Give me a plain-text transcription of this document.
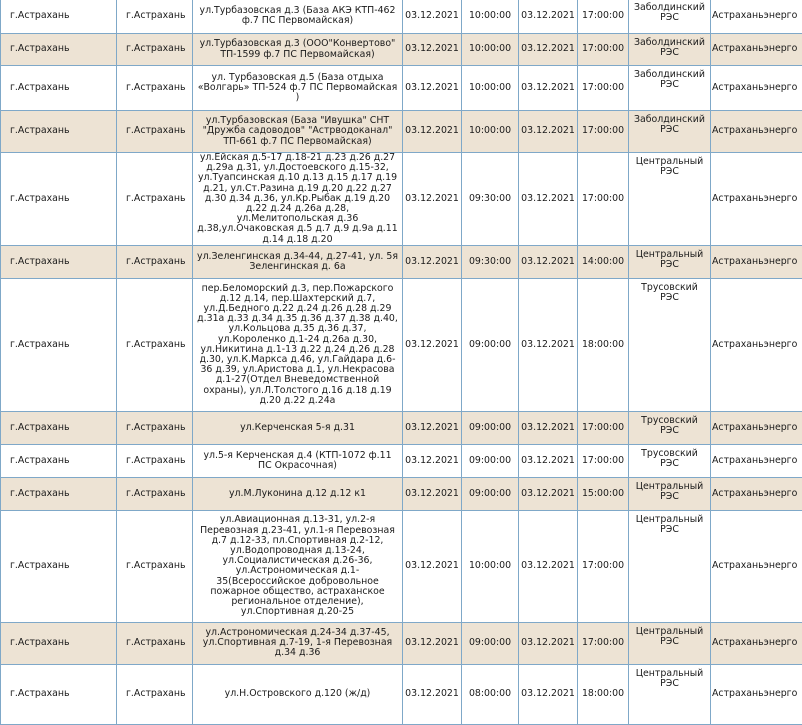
г.Астрахань	г.Астрахань	ул.Турбазовская д.3 (База АКЭ КТП-462 ф.7 ПС Первомайская)	03.12.2021	10:00:00	03.12.2021	17:00:00	Заболдинский РЭС	Астраханьэнерго
г.Астрахань	г.Астрахань	ул.Турбазовская д.3 (ООО"Конвертово" ТП-1599 ф.7 ПС Первомайская)	03.12.2021	10:00:00	03.12.2021	17:00:00	Заболдинский РЭС	Астраханьэнерго
г.Астрахань	г.Астрахань	ул. Турбазовская д.5 (База отдыха «Волгарь» ТП-524 ф.7 ПС Первомайская )	03.12.2021	10:00:00	03.12.2021	17:00:00	Заболдинский РЭС	Астраханьэнерго
г.Астрахань	г.Астрахань	ул.Турбазовская (База "Ивушка" СНТ "Дружба садоводов" "Астрводоканал" ТП-661 ф.7 ПС Первомайская)	03.12.2021	10:00:00	03.12.2021	17:00:00	Заболдинский РЭС	Астраханьэнерго
г.Астрахань	г.Астрахань	ул.Ейская д.5-17 д.18-21 д.23 д.26 д.27 д.29а д.31, ул.Достоевского д.15-32, ул.Туапсинская д.10 д.13 д.15 д.17 д.19 д.21, ул.Ст.Разина д.19 д.20 д.22 д.27 д.30 д.34 д.36, ул.Кр.Рыбак д.19 д.20 д.22 д.24 д.26а д.28, ул.Мелитопольская д.36 д.38,ул.Очаковская д.5 д.7 д.9 д.9а д.11 д.14 д.18 д.20	03.12.2021	09:30:00	03.12.2021	17:00:00	Центральный РЭС	Астраханьэнерго
г.Астрахань	г.Астрахань	ул.Зеленгинская д.34-44, д.27-41, ул. 5я Зеленгинская д. 6а	03.12.2021	09:30:00	03.12.2021	14:00:00	Центральный РЭС	Астраханьэнерго
г.Астрахань	г.Астрахань	пер.Беломорский д.3, пер.Пожарского д.12 д.14, пер.Шахтерский д.7, ул.Д.Бедного д.22 д.24 д.26 д.28 д.29 д.31а д.33 д.34 д.35 д.36 д.37 д.38 д.40, ул.Кольцова д.35 д.36 д.37, ул.Короленко д.1-24 д.26а д.30, ул.Никитина д.1-13 д.22 д.24 д.26 д.28 д.30, ул.К.Маркса д.46, ул.Гайдара д.6-36 д.39, ул.Аристова д.1, ул.Некрасова д.1-27(Отдел Вневедомственной охраны), ул.Л.Толстого д.16 д.18 д.19 д.20 д.22 д.24а	03.12.2021	09:00:00	03.12.2021	18:00:00	Трусовский РЭС	Астраханьэнерго
г.Астрахань	г.Астрахань	ул.Керченская 5-я д.31	03.12.2021	09:00:00	03.12.2021	17:00:00	Трусовский РЭС	Астраханьэнерго
г.Астрахань	г.Астрахань	ул.5-я Керченская д.4 (КТП-1072 ф.11 ПС Окрасочная)	03.12.2021	09:00:00	03.12.2021	17:00:00	Трусовский РЭС	Астраханьэнерго
г.Астрахань	г.Астрахань	ул.М.Луконина д.12 д.12 к1	03.12.2021	09:00:00	03.12.2021	15:00:00	Центральный РЭС	Астраханьэнерго
г.Астрахань	г.Астрахань	ул.Авиационная д.13-31, ул.2-я Перевозная д.23-41, ул.1-я Перевозная д.7 д.12-33, пл.Спортивная д.2-12, ул.Водопроводная д.13-24, ул.Социалистическая д.26-36, ул.Астрономическая д.1-35(Всероссийское добровольное пожарное общество, астраханское региональное отделение), ул.Спортивная д.20-25	03.12.2021	10:00:00	03.12.2021	17:00:00	Центральный РЭС	Астраханьэнерго
г.Астрахань	г.Астрахань	ул.Астрономическая д.24-34 д.37-45, ул.Спортивная д.7-19, 1-я Перевозная д.34 д.36	03.12.2021	09:00:00	03.12.2021	17:00:00	Центральный РЭС	Астраханьэнерго
г.Астрахань	г.Астрахань	ул.Н.Островского д.120 (ж/д)	03.12.2021	08:00:00	03.12.2021	18:00:00	Центральный РЭС	Астраханьэнерго
